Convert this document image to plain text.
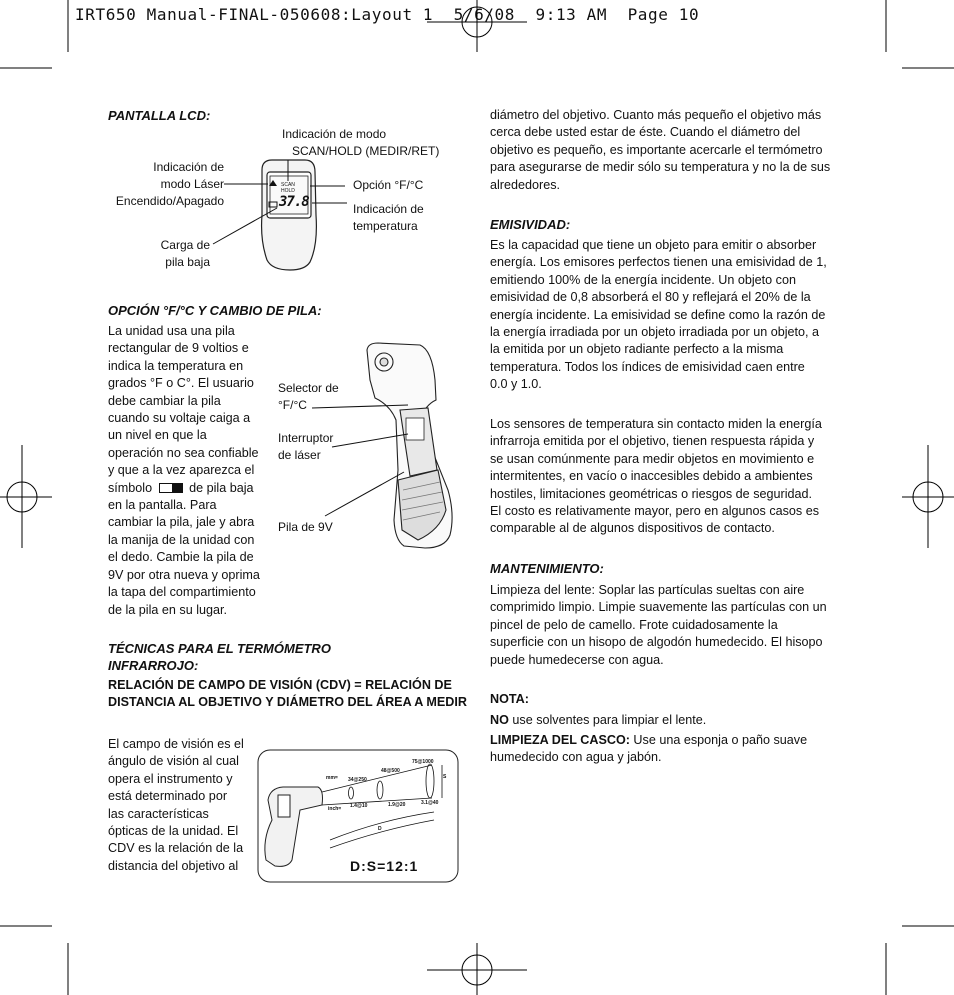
IRT650 Manual-FINAL-050608:Layout 1  5/6/08  9:13 AM  Page 10
PANTALLA LCD:
Indicación de modo
SCAN/HOLD (MEDIR/RET)
Indicación de
modo Láser
Encendido/Apagado
Opción °F/°C
Indicación de
temperatura
Carga de
pila baja
SCAN
HOLD
37.8
OPCIÓN °F/°C Y CAMBIO DE PILA:
La unidad usa una pila
rectangular de 9 voltios e
indica la temperatura en
grados °F o C°. El usuario
debe cambiar la pila
cuando su voltaje caiga a
un nivel en que la
operación no sea confiable
y que a la vez aparezca el
símbolo	de pila baja
en la pantalla. Para
cambiar la pila, jale y abra
la manija de la unidad con
el dedo. Cambie la pila de
9V por otra nueva y oprima
la tapa del compartimiento
de la pila en su lugar.
Selector de
°F/°C
Interruptor
de láser
Pila de 9V
TÉCNICAS PARA EL TERMÓMETRO
INFRARROJO:
RELACIÓN DE CAMPO DE VISIÓN (CDV) = RELACIÓN DE
DISTANCIA AL OBJETIVO Y DIÁMETRO DEL ÁREA A MEDIR
El campo de visión es el
ángulo de visión al cual
opera el instrumento y
está determinado por
las características
ópticas de la unidad. El
CDV es la relación de la
distancia del objetivo al
mm= 34@250
48@500
75@1000
S
inch= 1.4@10	1.9@20	3.1@40
D
D:S=12:1
diámetro del objetivo. Cuanto más pequeño el objetivo más
cerca debe usted estar de éste. Cuando el diámetro del
objetivo es pequeño, es importante acercarle el termómetro
para asegurarse de medir sólo su temperatura y no la de sus
alrededores.
EMISIVIDAD:
Es la capacidad que tiene un objeto para emitir o absorber
energía. Los emisores perfectos tienen una emisividad de 1,
emitiendo 100% de la energía incidente. Un objeto con
emisividad de 0,8 absorberá el 80 y reflejará el 20% de la
energía incidente. La emisividad se define como la razón de
la energía irradiada por un objeto irradiada por un objeto, a
la emitida por un objeto radiante perfecto a la misma
temperatura. Todos los índices de emisividad caen entre
0.0 y 1.0.
Los sensores de temperatura sin contacto miden la energía
infrarroja emitida por el objetivo, tienen respuesta rápida y
se usan comúnmente para medir objetos en movimiento e
intermitentes, en vacío o inaccesibles debido a ambientes
hostiles, limitaciones geométricas o riesgos de seguridad.
El costo es relativamente mayor, pero en algunos casos es
comparable al de algunos dispositivos de contacto.
MANTENIMIENTO:
Limpieza del lente: Soplar las partículas sueltas con aire
comprimido limpio. Limpie suavemente las partículas con un
pincel de pelo de camello. Frote cuidadosamente la
superficie con un hisopo de algodón humedecido. El hisopo
puede humedecerse con agua.
NOTA:
NO use solventes para limpiar el lente.
LIMPIEZA DEL CASCO: Use una esponja o paño suave
humedecido con agua y jabón.
